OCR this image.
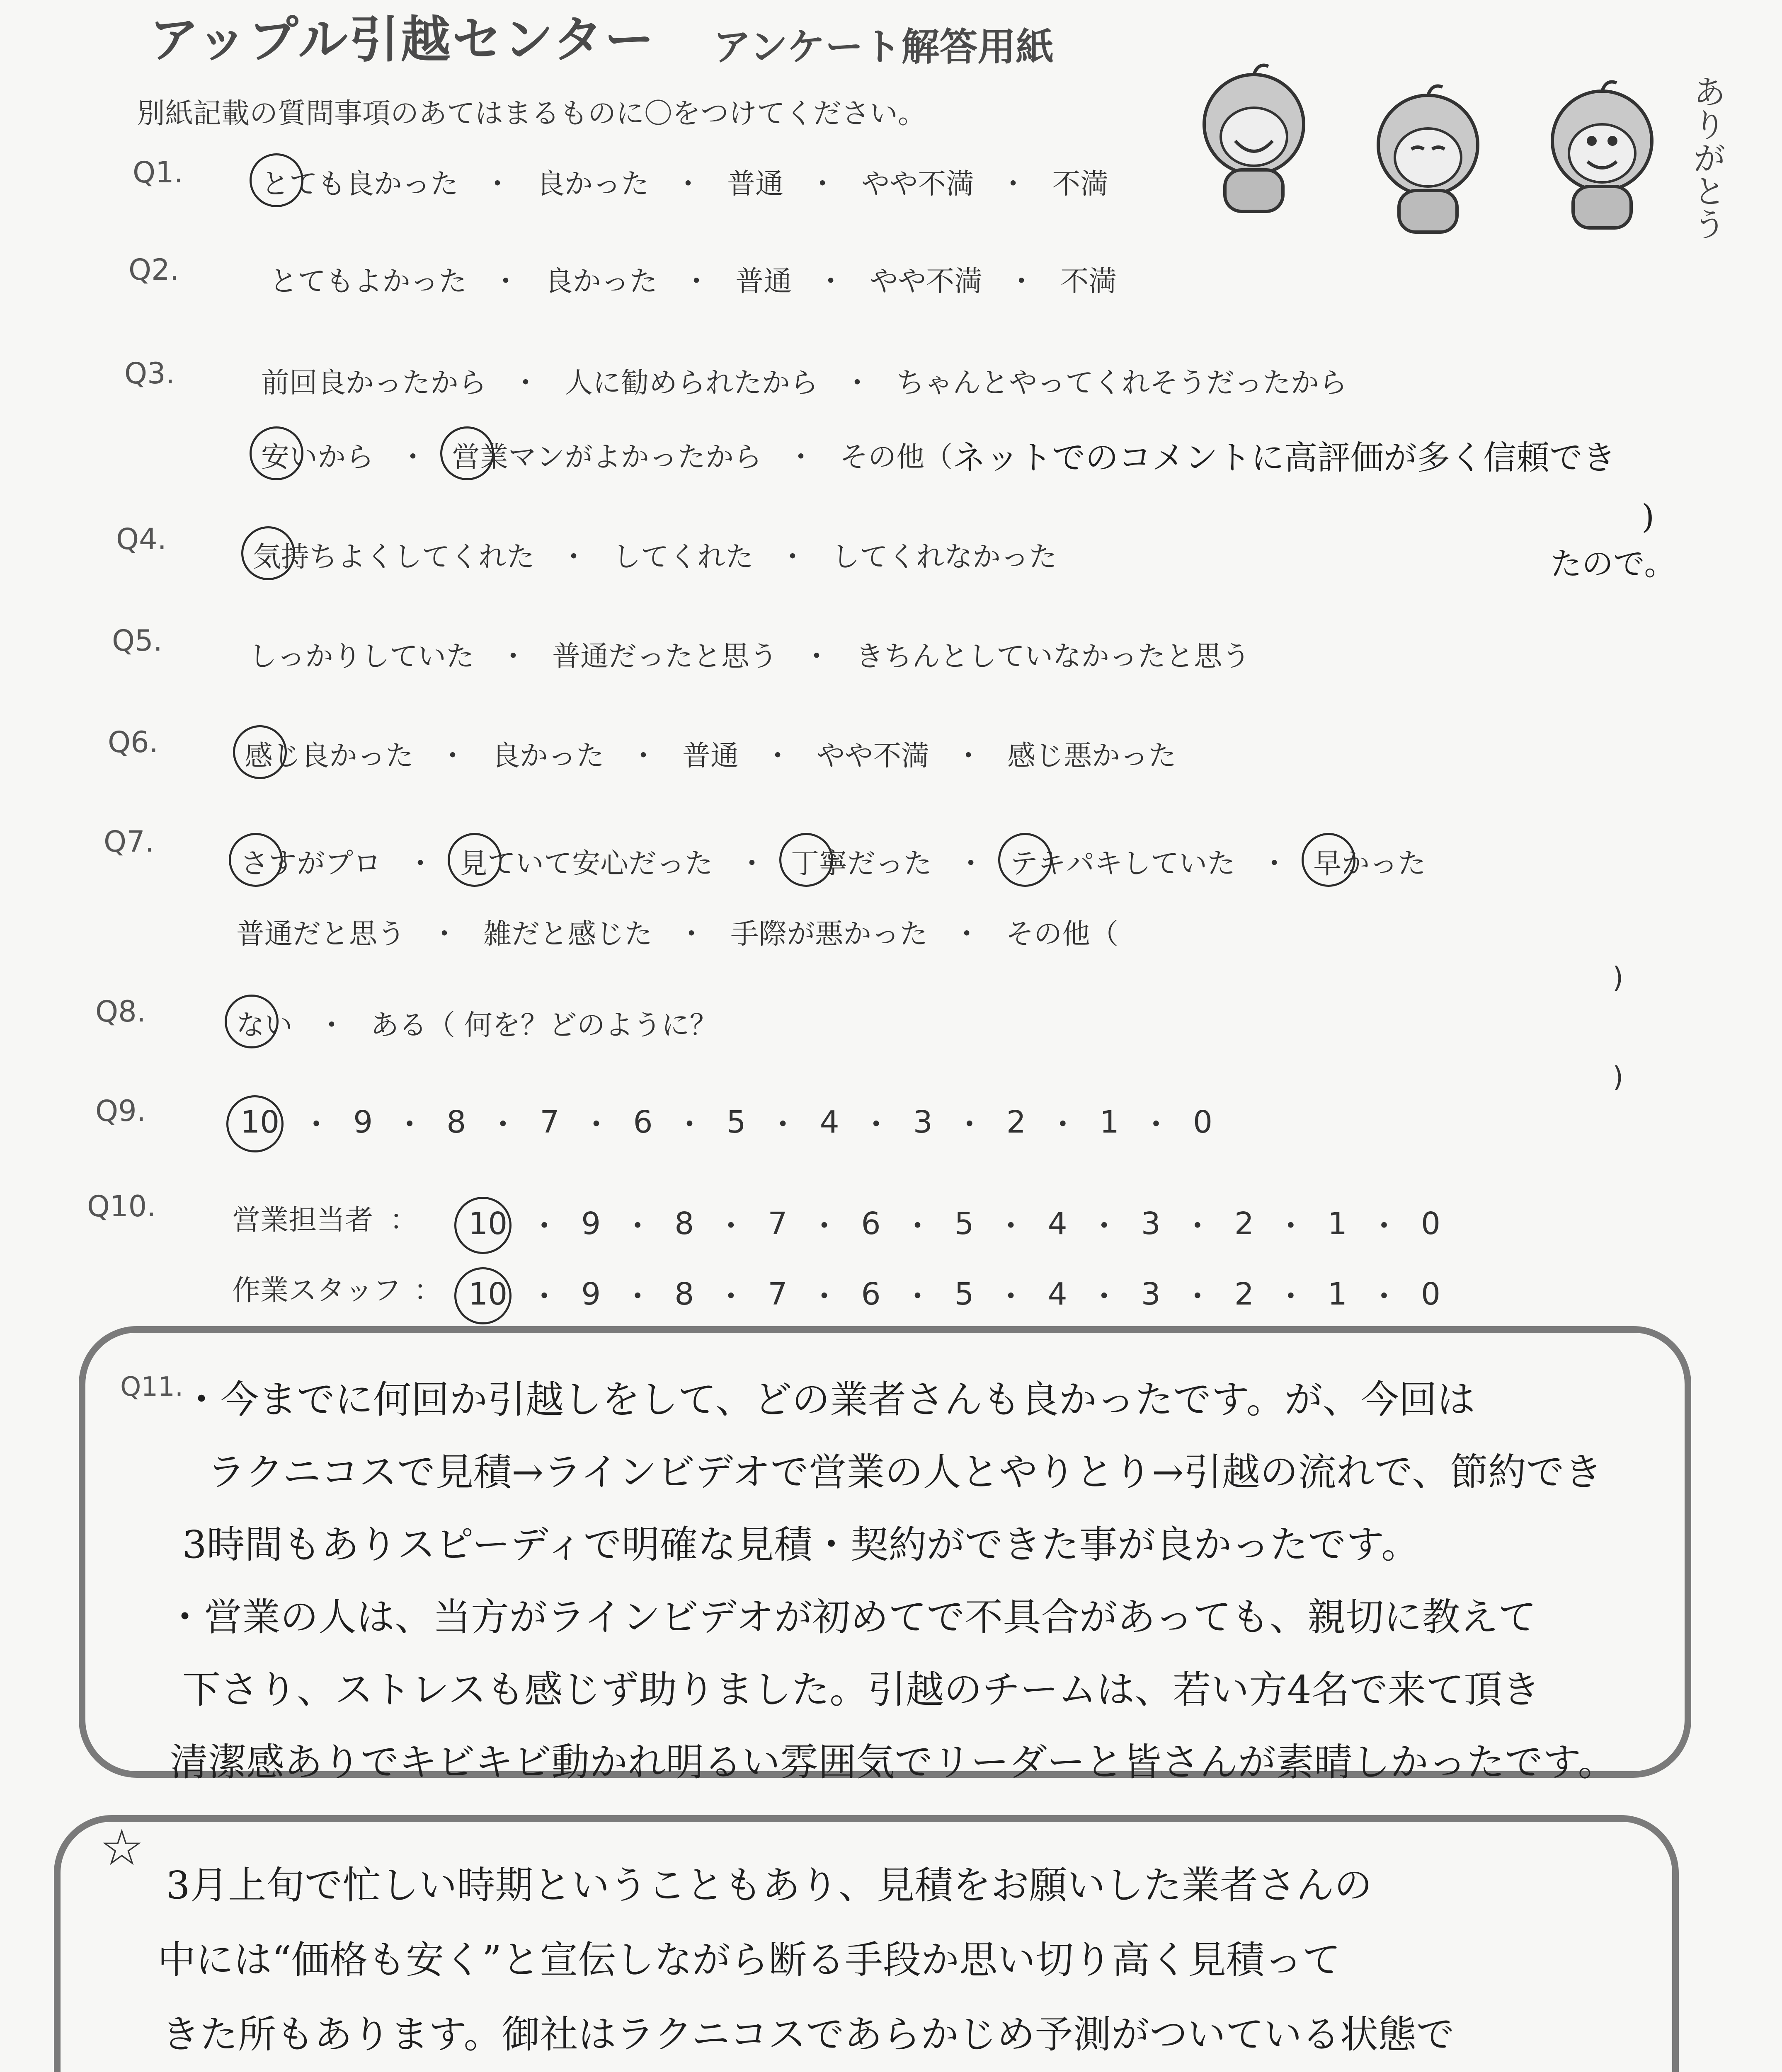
アップル引越センター アンケート解答用紙
別紙記載の質問事項のあてはまるものに〇をつけてください。	ありがとう
Q1.	とても良かった ・ 良かった ・ 普通 ・ やや不満 ・ 不満
Q2.	とてもよかった ・ 良かった ・ 普通 ・ やや不満 ・ 不満
Q3.	前回良かったから ・ 人に勧められたから ・ ちゃんとやってくれそうだったから
安いから ・ 営業マンがよかったから ・ その他（ ネットでのコメントに高評価が多く信頼でき
たので。
Q4.
気持ちよくしてくれた ・ してくれた ・ してくれなかった
)
Q5.	しっかりしていた ・ 普通だったと思う ・ きちんとしていなかったと思う
Q6.	感じ良かった ・ 良かった ・ 普通 ・ やや不満 ・ 感じ悪かった
Q7.
さすがプロ ・ 見ていて安心だった ・ 丁寧だった ・ テキパキしていた ・ 早かった
普通だと思う ・ 雑だと感じた ・ 手際が悪かった ・ その他（
)
Q8.	ない ・ ある（ 何を？どのように？
)
Q9.	10 ・ 9 ・ 8 ・ 7 ・ 6 ・ 5 ・ 4 ・ 3 ・ 2 ・ 1 ・ 0
Q10.	営業担当者 ： 10 ・ 9 ・ 8 ・ 7 ・ 6 ・ 5 ・ 4 ・ 3 ・ 2 ・ 1 ・ 0
作業スタッフ ： 10 ・ 9 ・ 8 ・ 7 ・ 6 ・ 5 ・ 4 ・ 3 ・ 2 ・ 1 ・ 0
Q11.
・今までに何回か引越しをして、どの業者さんも良かったです。が、今回は
ラクニコスで見積→ラインビデオで営業の人とやりとり→引越の流れで、節約でき
3時間もありスピーディで明確な見積・契約ができた事が良かったです。
・営業の人は、当方がラインビデオが初めてで不具合があっても、親切に教えて
下さり、ストレスも感じず助りました。引越のチームは、若い方4名で来て頂き
清潔感ありでキビキビ動かれ明るい雰囲気でリーダーと皆さんが素晴しかったです。
☆
3月上旬で忙しい時期ということもあり、見積をお願いした業者さんの
中には“価格も安く”と宣伝しながら断る手段か思い切り高く見積って
きた所もあります。御社はラクニコスであらかじめ予測がついている状態で
